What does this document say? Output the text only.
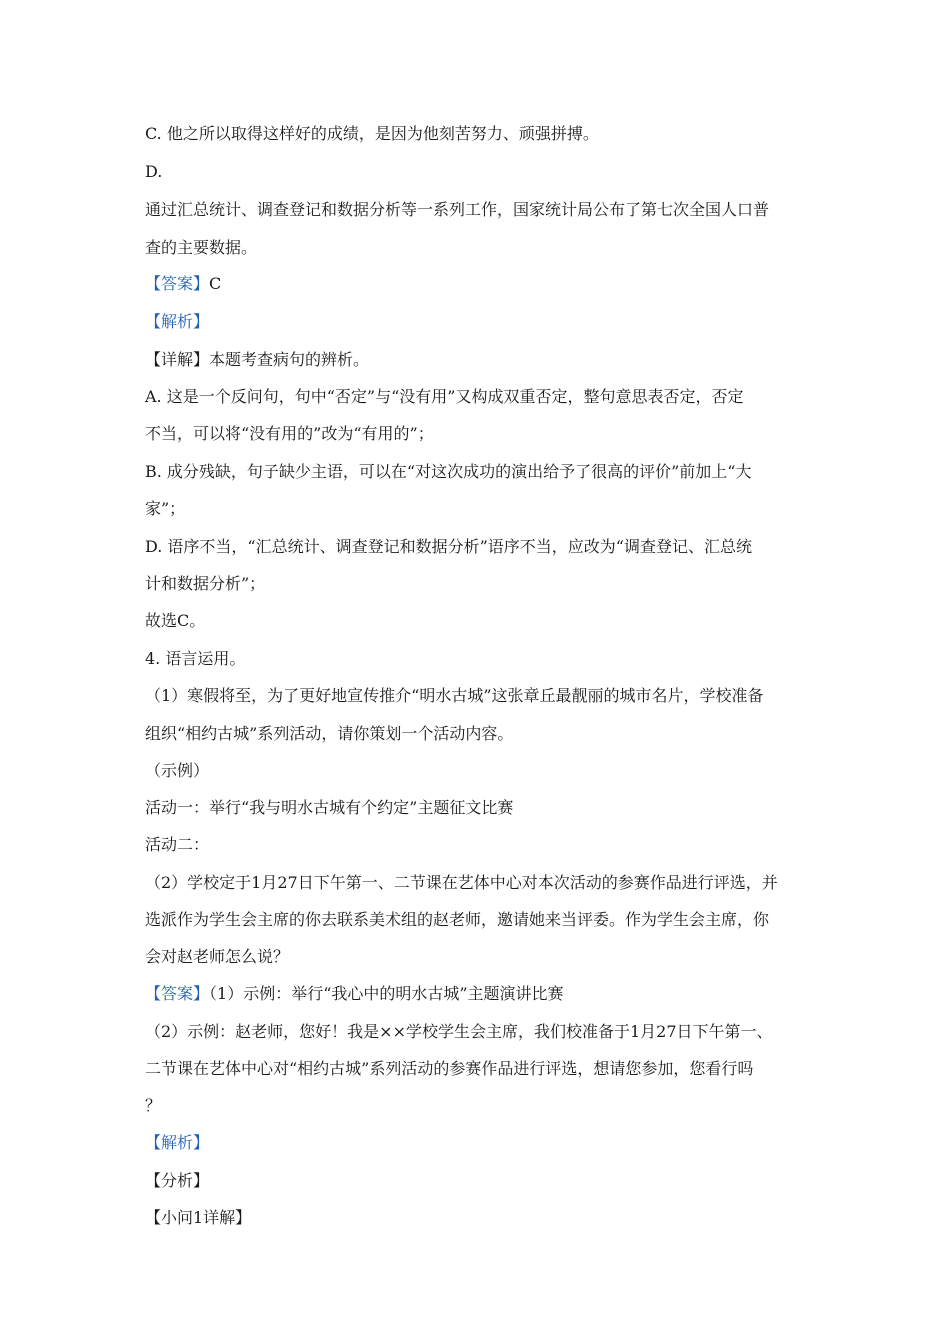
C. 他之所以取得这样好的成绩，是因为他刻苦努力、顽强拼搏。
D.
通过汇总统计、调查登记和数据分析等一系列工作，国家统计局公布了第七次全国人口普
查的主要数据。
【答案】C
【解析】
【详解】本题考查病句的辨析。
A. 这是一个反问句，句中“否定”与“没有用”又构成双重否定，整句意思表否定，否定
不当，可以将“没有用的”改为“有用的”；
B. 成分残缺，句子缺少主语，可以在“对这次成功的演出给予了很高的评价”前加上“大
家”；
D. 语序不当，“汇总统计、调查登记和数据分析”语序不当，应改为“调查登记、汇总统
计和数据分析”；
故选C。
4. 语言运用。
（1）寒假将至，为了更好地宣传推介“明水古城”这张章丘最靓丽的城市名片，学校准备
组织“相约古城”系列活动，请你策划一个活动内容。
（示例）
活动一：举行“我与明水古城有个约定”主题征文比赛
活动二：
（2）学校定于1月27日下午第一、二节课在艺体中心对本次活动的参赛作品进行评选，并
选派作为学生会主席的你去联系美术组的赵老师，邀请她来当评委。作为学生会主席，你
会对赵老师怎么说？
【答案】（1）示例：举行“我心中的明水古城”主题演讲比赛
（2）示例：赵老师，您好！我是××学校学生会主席，我们校准备于1月27日下午第一、
二节课在艺体中心对“相约古城”系列活动的参赛作品进行评选，想请您参加，您看行吗
？
【解析】
【分析】
【小问1详解】
